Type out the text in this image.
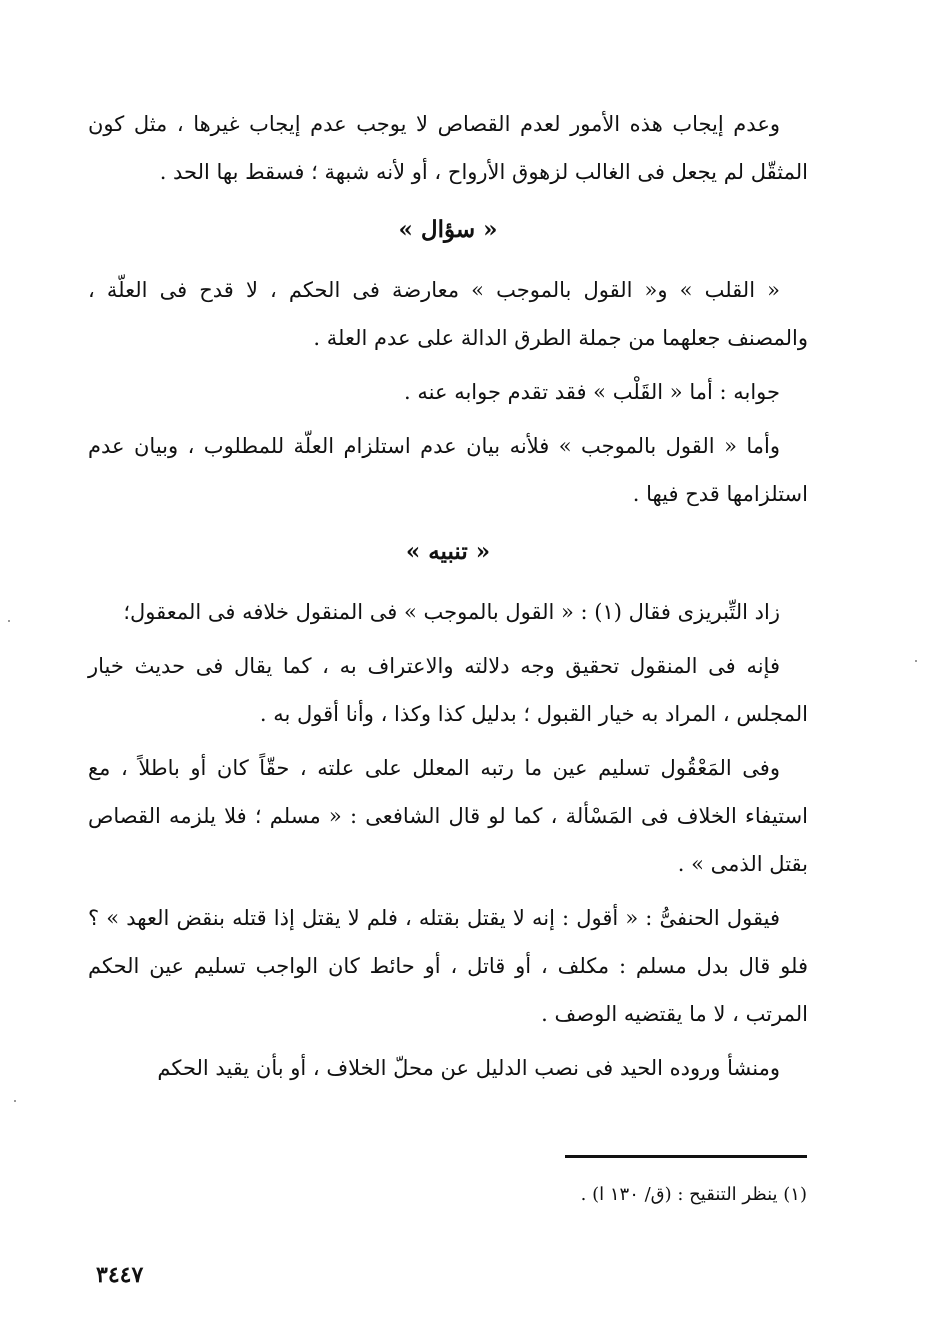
وعدم إيجاب هذه الأمور لعدم القصاص لا يوجب عدم إيجاب غيرها ، مثل كون المثقّل لم يجعل فى الغالب لزهوق الأرواح ، أو لأنه شبهة ؛ فسقط بها الحد .

« سؤال »

« القلب » و« القول بالموجب » معارضة فى الحكم ، لا قدح فى العلّة ، والمصنف جعلهما من جملة الطرق الدالة على عدم العلة .

جوابه : أما « القَلْب » فقد تقدم جوابه عنه .

وأما « القول بالموجب » فلأنه بيان عدم استلزام العلّة للمطلوب ، وبيان عدم استلزامها قدح فيها .

« تنبيه »

زاد التِّبريزى فقال (١) : « القول بالموجب » فى المنقول خلافه فى المعقول؛

فإنه فى المنقول تحقيق وجه دلالته والاعتراف به ، كما يقال فى حديث خيار المجلس ، المراد به خيار القبول ؛ بدليل كذا وكذا ، وأنا أقول به .

وفى المَعْقُول تسليم عين ما رتبه المعلل على علته ، حقّاً كان أو باطلاً ، مع استيفاء الخلاف فى المَسْألة ، كما لو قال الشافعى : « مسلم ؛ فلا يلزمه القصاص بقتل الذمى » .

فيقول الحنفىُّ : « أقول : إنه لا يقتل بقتله ، فلم لا يقتل إذا قتله بنقض العهد » ؟ فلو قال بدل مسلم : مكلف ، أو قاتل ، أو حائط كان الواجب تسليم عين الحكم المرتب ، لا ما يقتضيه الوصف .

ومنشأ وروده الحيد فى نصب الدليل عن محلّ الخلاف ، أو بأن يقيد الحكم

(١) ينظر التنقيح : (ق/ ١٣٠ ا) .
٣٤٤٧
